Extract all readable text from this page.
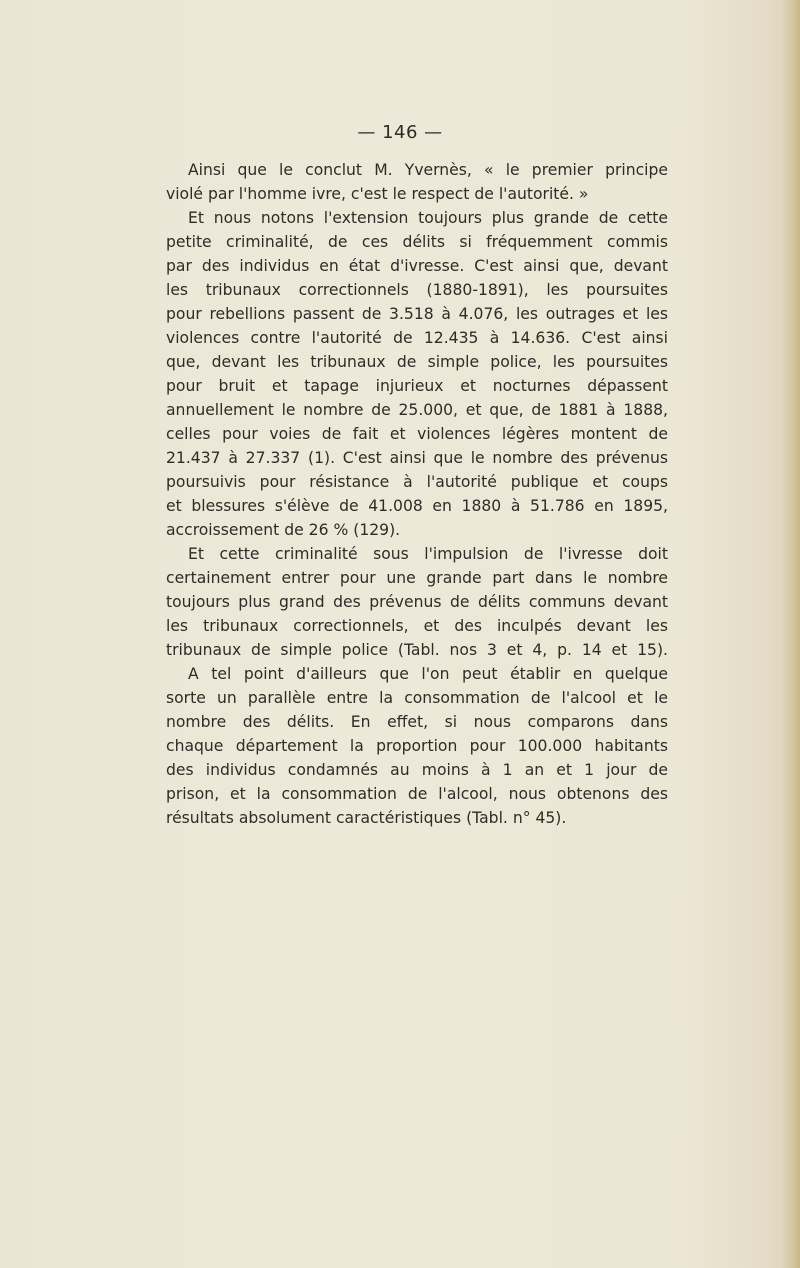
— 146 —
Ainsi que le conclut M. Yvernès, « le premier principe
violé par l'homme ivre, c'est le respect de l'autorité. »
Et nous notons l'extension toujours plus grande de cette
petite criminalité, de ces délits si fréquemment commis
par des individus en état d'ivresse. C'est ainsi que, devant
les tribunaux correctionnels (1880-1891), les poursuites
pour rebellions passent de 3.518 à 4.076, les outrages et les
violences contre l'autorité de 12.435 à 14.636. C'est ainsi
que, devant les tribunaux de simple police, les poursuites
pour bruit et tapage injurieux et nocturnes dépassent
annuellement le nombre de 25.000, et que, de 1881 à 1888,
celles pour voies de fait et violences légères montent de
21.437 à 27.337 (1). C'est ainsi que le nombre des prévenus
poursuivis pour résistance à l'autorité publique et coups
et blessures s'élève de 41.008 en 1880 à 51.786 en 1895,
accroissement de 26 % (129).
Et cette criminalité sous l'impulsion de l'ivresse doit
certainement entrer pour une grande part dans le nombre
toujours plus grand des prévenus de délits communs devant
les tribunaux correctionnels, et des inculpés devant les
tribunaux de simple police (Tabl. nos 3 et 4, p. 14 et 15).
A tel point d'ailleurs que l'on peut établir en quelque
sorte un parallèle entre la consommation de l'alcool et le
nombre des délits. En effet, si nous comparons dans
chaque département la proportion pour 100.000 habitants
des individus condamnés au moins à 1 an et 1 jour de
prison, et la consommation de l'alcool, nous obtenons des
résultats absolument caractéristiques (Tabl. n° 45).
